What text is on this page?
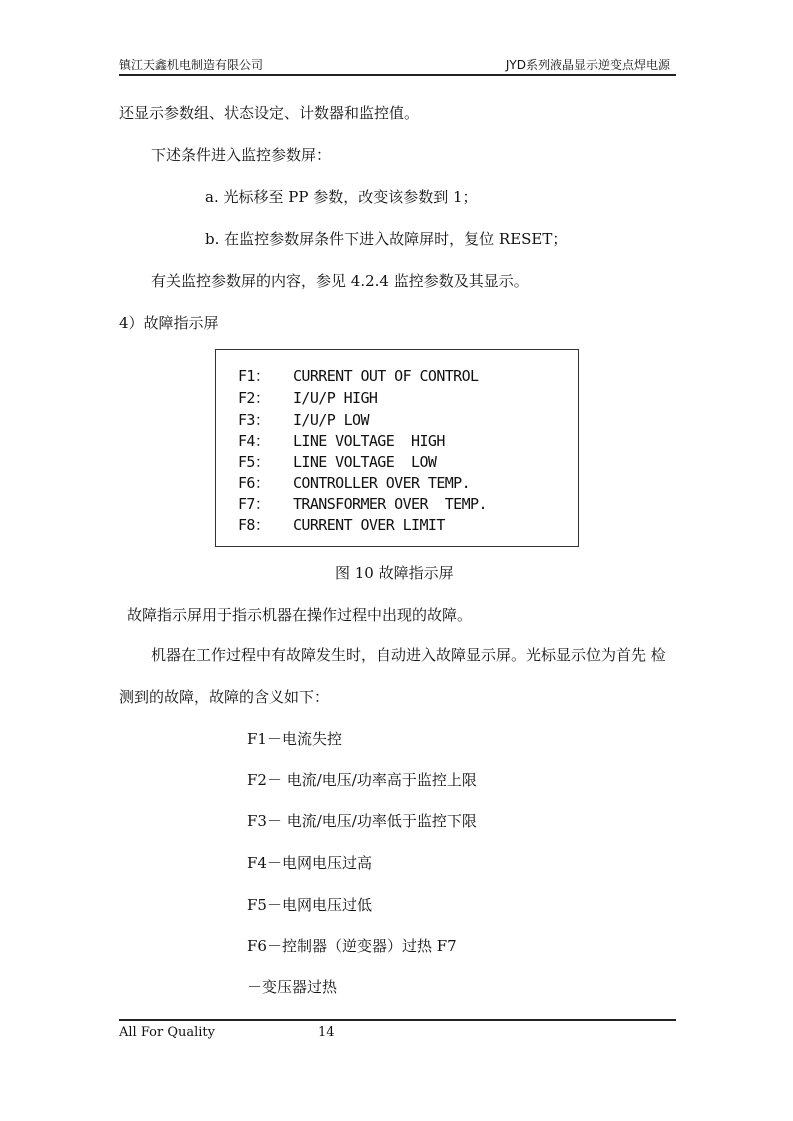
镇江天鑫机电制造有限公司	JYD系列液晶显示逆变点焊电源
还显示参数组、状态设定、计数器和监控值。
下述条件进入监控参数屏：
a. 光标移至 PP 参数，改变该参数到 1；
b. 在监控参数屏条件下进入故障屏时，复位 RESET；
有关监控参数屏的内容，参见 4.2.4 监控参数及其显示。
4）故障指示屏
F1： CURRENT OUT OF CONTROL
F2： I/U/P HIGH
F3： I/U/P LOW
F4： LINE VOLTAGE  HIGH
F5： LINE VOLTAGE  LOW
F6： CONTROLLER OVER TEMP.
F7： TRANSFORMER OVER  TEMP.
F8： CURRENT OVER LIMIT
图 10 故障指示屏
故障指示屏用于指示机器在操作过程中出现的故障。
机器在工作过程中有故障发生时，自动进入故障显示屏。光标显示位为首先 检
测到的故障，故障的含义如下：
F1－电流失控
F2－ 电流/电压/功率高于监控上限
F3－ 电流/电压/功率低于监控下限
F4－电网电压过高
F5－电网电压过低
F6－控制器（逆变器）过热 F7
－变压器过热
All For Quality	14
